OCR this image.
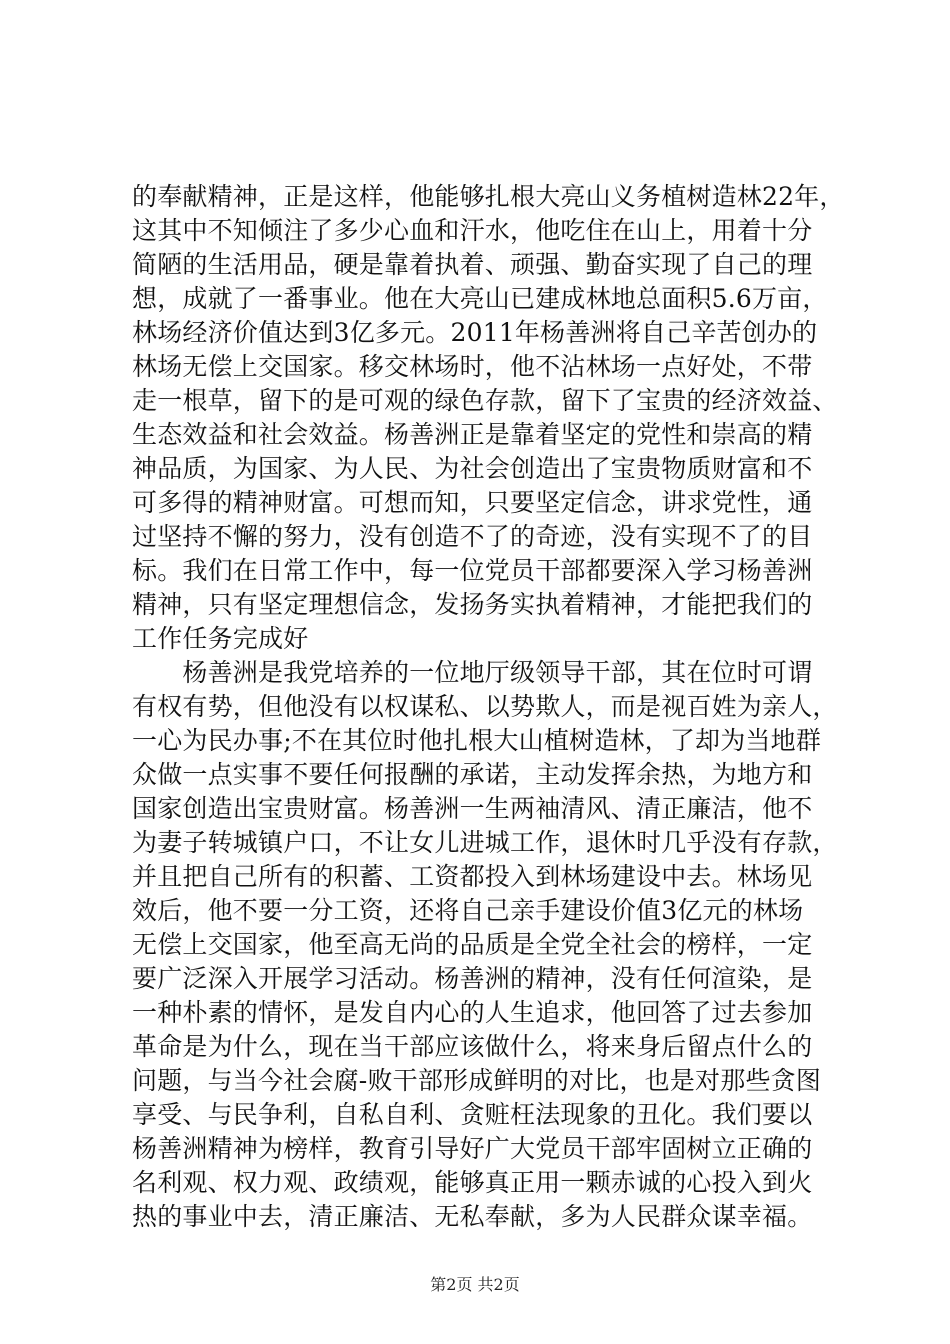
的奉献精神，正是这样，他能够扎根大亮山义务植树造林22年，
这其中不知倾注了多少心血和汗水，他吃住在山上，用着十分
简陋的生活用品，硬是靠着执着、顽强、勤奋实现了自己的理
想，成就了一番事业。他在大亮山已建成林地总面积5.6万亩，
林场经济价值达到3亿多元。2011年杨善洲将自己辛苦创办的
林场无偿上交国家。移交林场时，他不沾林场一点好处，不带
走一根草，留下的是可观的绿色存款，留下了宝贵的经济效益、
生态效益和社会效益。杨善洲正是靠着坚定的党性和崇高的精
神品质，为国家、为人民、为社会创造出了宝贵物质财富和不
可多得的精神财富。可想而知，只要坚定信念，讲求党性，通
过坚持不懈的努力，没有创造不了的奇迹，没有实现不了的目
标。我们在日常工作中，每一位党员干部都要深入学习杨善洲
精神，只有坚定理想信念，发扬务实执着精神，才能把我们的
工作任务完成好
　　杨善洲是我党培养的一位地厅级领导干部，其在位时可谓
有权有势，但他没有以权谋私、以势欺人，而是视百姓为亲人，
一心为民办事;不在其位时他扎根大山植树造林，了却为当地群
众做一点实事不要任何报酬的承诺，主动发挥余热，为地方和
国家创造出宝贵财富。杨善洲一生两袖清风、清正廉洁，他不
为妻子转城镇户口，不让女儿进城工作，退休时几乎没有存款，
并且把自己所有的积蓄、工资都投入到林场建设中去。林场见
效后，他不要一分工资，还将自己亲手建设价值3亿元的林场
无偿上交国家，他至高无尚的品质是全党全社会的榜样，一定
要广泛深入开展学习活动。杨善洲的精神，没有任何渲染，是
一种朴素的情怀，是发自内心的人生追求，他回答了过去参加
革命是为什么，现在当干部应该做什么，将来身后留点什么的
问题，与当今社会腐-败干部形成鲜明的对比，也是对那些贪图
享受、与民争利，自私自利、贪赃枉法现象的丑化。我们要以
杨善洲精神为榜样，教育引导好广大党员干部牢固树立正确的
名利观、权力观、政绩观，能够真正用一颗赤诚的心投入到火
热的事业中去，清正廉洁、无私奉献，多为人民群众谋幸福。
第2页 共2页
